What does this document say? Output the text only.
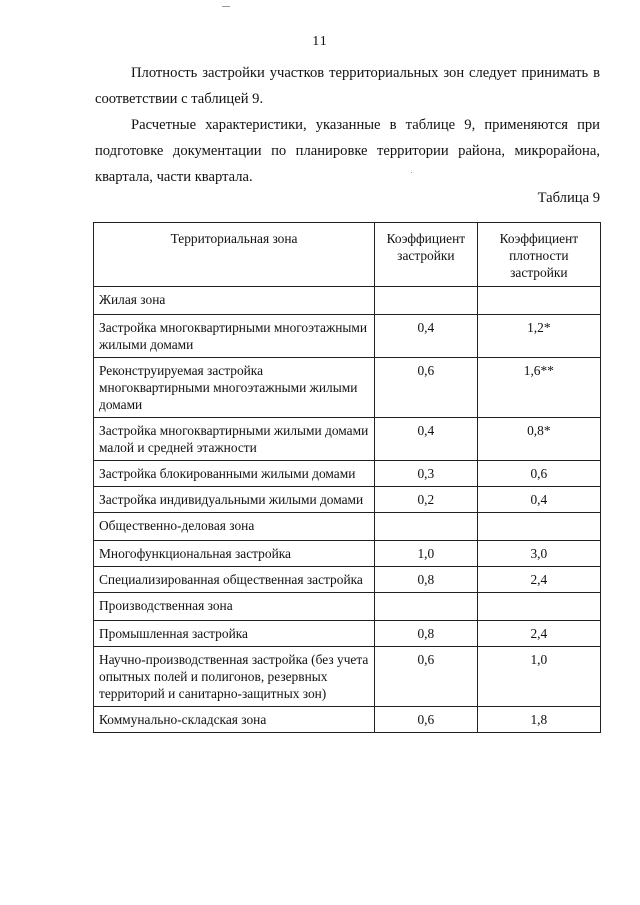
11

Плотность застройки участков территориальных зон следует принимать в соответствии с таблицей 9.

Расчетные характеристики, указанные в таблице 9, применяются при подготовке документации по планировке территории района, микрорайона, квартала, части квартала.

Таблица 9
Территориальная зона	Коэффициент застройки	Коэффициент плотности застройки
Жилая зона		
Застройка многоквартирными многоэтажными жилыми домами	0,4	1,2*
Реконструируемая застройка многоквартирными многоэтажными жилыми домами	0,6	1,6**
Застройка многоквартирными жилыми домами малой и средней этажности	0,4	0,8*
Застройка блокированными жилыми домами	0,3	0,6
Застройка индивидуальными жилыми домами	0,2	0,4
Общественно-деловая зона		
Многофункциональная застройка	1,0	3,0
Специализированная общественная застройка	0,8	2,4
Производственная зона		
Промышленная застройка	0,8	2,4
Научно-производственная застройка (без учета опытных полей и полигонов, резервных территорий и санитарно-защитных зон)	0,6	1,0
Коммунально-складская зона	0,6	1,8
